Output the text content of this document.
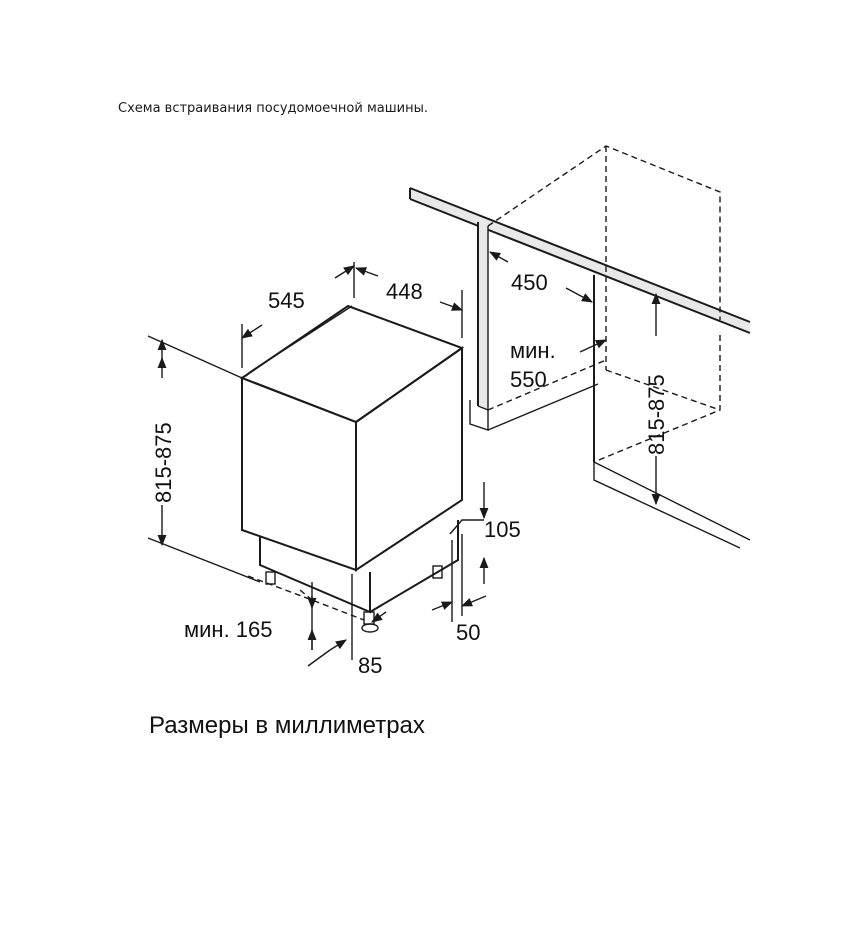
Схема встраивания посудомоечной машины.
450
мин.
550	815-875
815-875
545	448
105
50
мин. 165
85
Размеры в миллиметрах
